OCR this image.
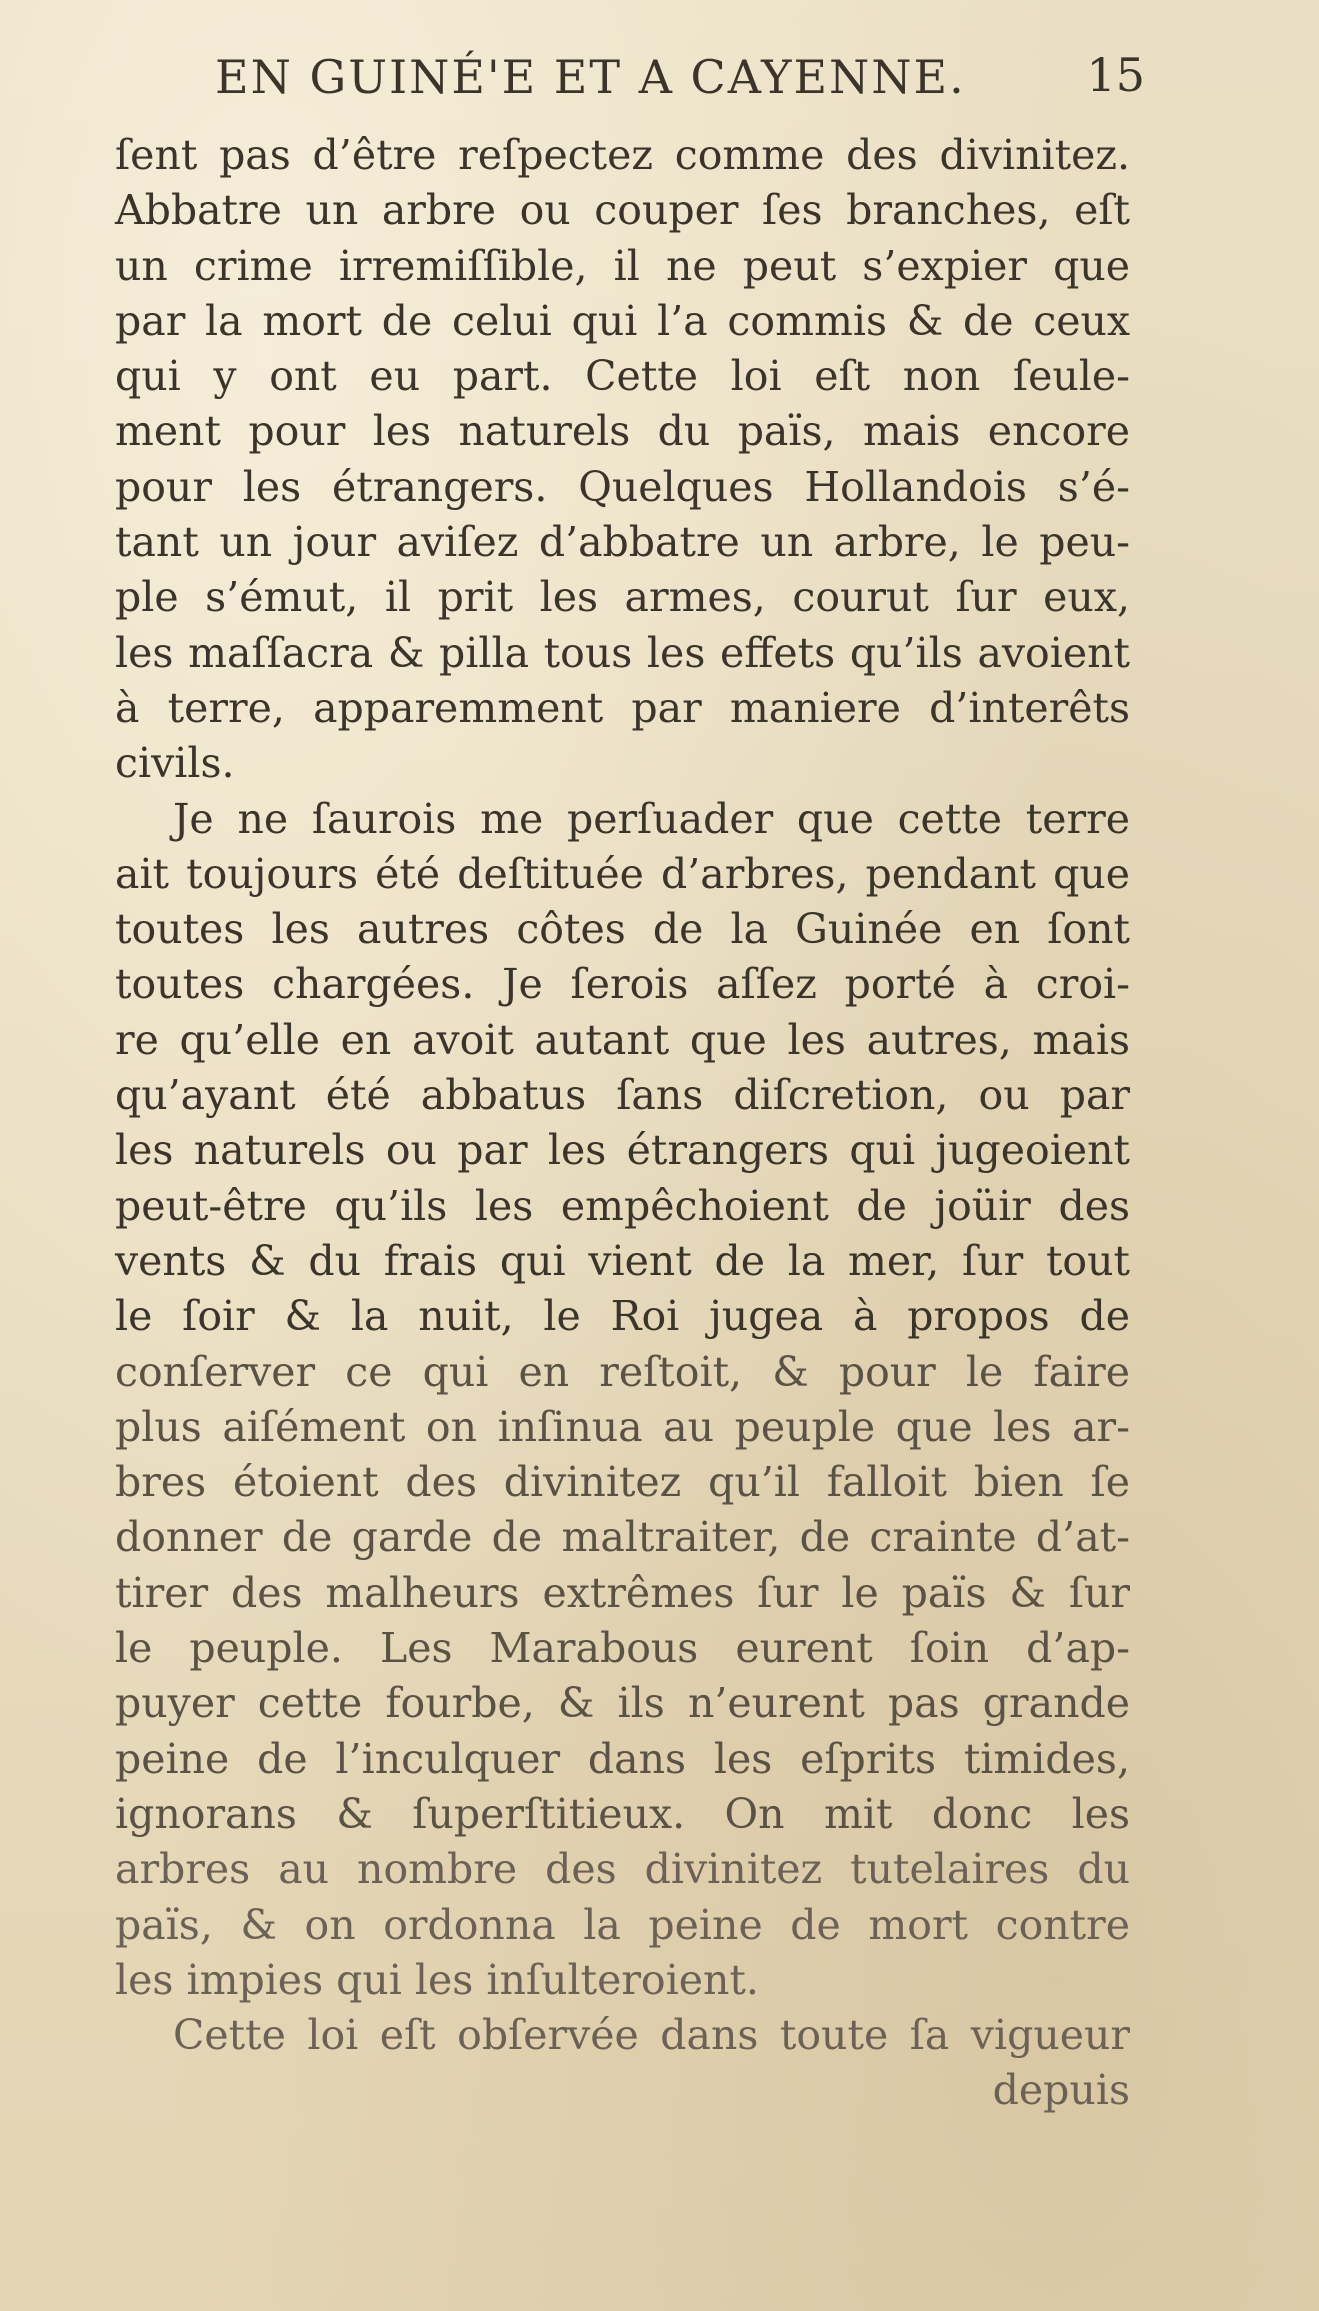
EN GUINÉ'E ET A CAYENNE.	15
ſent pas d’être reſpectez comme des divinitez.
Abbatre un arbre ou couper ſes branches, eſt
un crime irremiſſible, il ne peut s’expier que
par la mort de celui qui l’a commis & de ceux
qui y ont eu part. Cette loi eſt non ſeule-
ment pour les naturels du païs, mais encore
pour les étrangers. Quelques Hollandois s’é-
tant un jour aviſez d’abbatre un arbre, le peu-
ple s’émut, il prit les armes, courut ſur eux,
les maſſacra & pilla tous les effets qu’ils avoient
à terre, apparemment par maniere d’interêts
civils.
Je ne ſaurois me perſuader que cette terre
ait toujours été deſtituée d’arbres, pendant que
toutes les autres côtes de la Guinée en ſont
toutes chargées. Je ſerois aſſez porté à croi-
re qu’elle en avoit autant que les autres, mais
qu’ayant été abbatus ſans diſcretion, ou par
les naturels ou par les étrangers qui jugeoient
peut-être qu’ils les empêchoient de joüir des
vents & du frais qui vient de la mer, ſur tout
le ſoir & la nuit, le Roi jugea à propos de
conſerver ce qui en reſtoit, & pour le faire
plus aiſément on inſinua au peuple que les ar-
bres étoient des divinitez qu’il falloit bien ſe
donner de garde de maltraiter, de crainte d’at-
tirer des malheurs extrêmes ſur le païs & ſur
le peuple. Les Marabous eurent ſoin d’ap-
puyer cette fourbe, & ils n’eurent pas grande
peine de l’inculquer dans les eſprits timides,
ignorans & ſuperſtitieux. On mit donc les
arbres au nombre des divinitez tutelaires du
païs, & on ordonna la peine de mort contre
les impies qui les inſulteroient.
Cette loi eſt obſervée dans toute ſa vigueur
depuis
